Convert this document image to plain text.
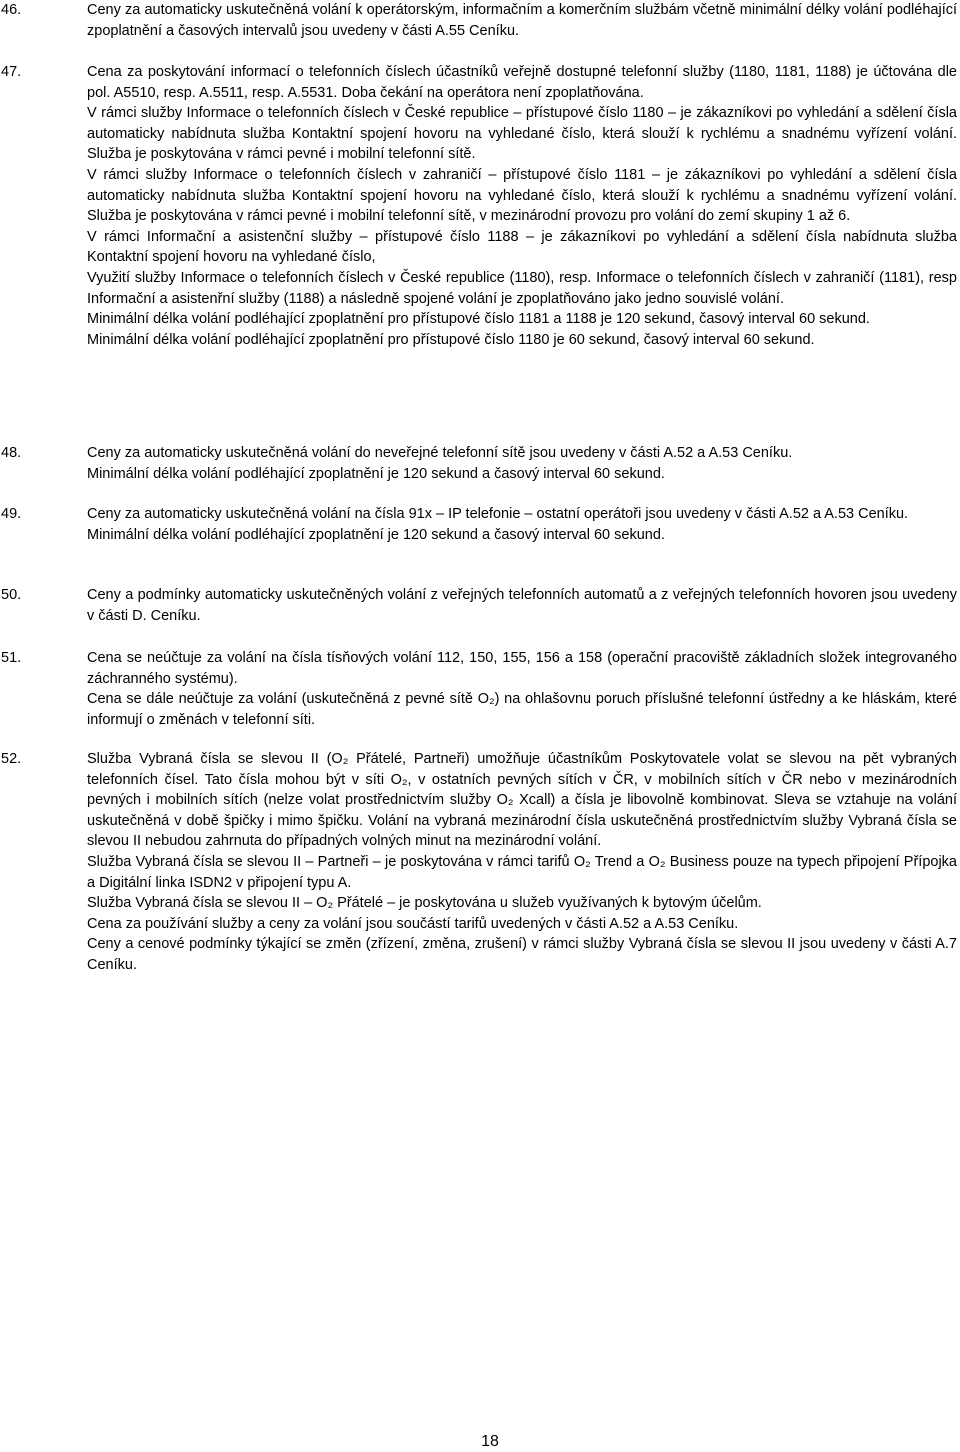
46.	Ceny za automaticky uskutečněná volání k operátorským, informačním a komerčním službám včetně minimální délky volání podléhající zpoplatnění a časových intervalů jsou uvedeny v části A.55 Ceníku.

47.	Cena za poskytování informací o telefonních číslech účastníků veřejně dostupné telefonní služby (1180, 1181, 1188) je účtována dle pol. A5510, resp. A.5511, resp. A.5531. Doba čekání na operátora není zpoplatňována.

V rámci služby Informace o telefonních číslech v České republice – přístupové číslo 1180 – je zákazníkovi po vyhledání a sdělení čísla automaticky nabídnuta služba Kontaktní spojení hovoru na vyhledané číslo, která slouží k rychlému a snadnému vyřízení volání. Služba je poskytována v rámci pevné i mobilní telefonní sítě.

V rámci služby Informace o telefonních číslech v zahraničí – přístupové číslo 1181 – je zákazníkovi po vyhledání a sdělení čísla automaticky nabídnuta služba Kontaktní spojení hovoru na vyhledané číslo, která slouží k rychlému a snadnému vyřízení volání. Služba je poskytována v rámci pevné i mobilní telefonní sítě, v mezinárodní provozu pro volání do zemí skupiny 1 až 6.

V rámci Informační a asistenční služby – přístupové číslo 1188 – je zákazníkovi po vyhledání a sdělení čísla nabídnuta služba Kontaktní spojení hovoru na vyhledané číslo,

Využití služby Informace o telefonních číslech v České republice (1180), resp. Informace o telefonních číslech v zahraničí (1181), resp Informační a asistenřní služby (1188) a následně spojené volání je zpoplatňováno jako jedno souvislé volání.

Minimální délka volání podléhající zpoplatnění pro přístupové číslo 1181 a 1188 je 120 sekund, časový interval 60 sekund.

Minimální délka volání podléhající zpoplatnění pro přístupové číslo 1180 je 60 sekund, časový interval 60 sekund.

48.	Ceny za automaticky uskutečněná volání do neveřejné telefonní sítě jsou uvedeny v části A.52 a A.53 Ceníku.

Minimální délka volání podléhající zpoplatnění je 120 sekund a časový interval 60 sekund.

49.	Ceny za automaticky uskutečněná volání na čísla 91x – IP telefonie – ostatní operátoři jsou uvedeny v části A.52 a A.53 Ceníku.

Minimální délka volání podléhající zpoplatnění je 120 sekund a časový interval 60 sekund.

50.	Ceny a podmínky automaticky uskutečněných volání z veřejných telefonních automatů a z veřejných telefonních hovoren jsou uvedeny v části D. Ceníku.

51.	Cena se neúčtuje za volání na čísla tísňových volání 112, 150, 155, 156 a 158 (operační pracoviště základních složek integrovaného záchranného systému).

Cena se dále neúčtuje za volání (uskutečněná z pevné sítě O₂) na ohlašovnu poruch příslušné telefonní ústředny a ke hláskám, které informují o změnách v telefonní síti.

52.	Služba Vybraná čísla se slevou II (O₂ Přátelé, Partneři) umožňuje účastníkům Poskytovatele volat se slevou na pět vybraných telefonních čísel. Tato čísla mohou být v síti O₂, v ostatních pevných sítích v ČR, v mobilních sítích v ČR nebo v mezinárodních pevných i mobilních sítích (nelze volat prostřednictvím služby O₂ Xcall) a čísla je libovolně kombinovat. Sleva se vztahuje na volání uskutečněná v době špičky i mimo špičku. Volání na vybraná mezinárodní čísla uskutečněná prostřednictvím služby Vybraná čísla se slevou II nebudou zahrnuta do případných volných minut na mezinárodní volání.

Služba Vybraná čísla se slevou II – Partneři – je poskytována v rámci tarifů O₂ Trend a O₂ Business pouze na typech připojení Přípojka a Digitální linka ISDN2 v připojení typu A.

Služba Vybraná čísla se slevou II – O₂ Přátelé – je poskytována u služeb využívaných k bytovým účelům.

Cena za používání služby a ceny za volání jsou součástí tarifů uvedených v části A.52 a A.53 Ceníku.

Ceny a cenové podmínky týkající se změn (zřízení, změna, zrušení) v rámci služby Vybraná čísla se slevou II jsou uvedeny v části A.7 Ceníku.

18
